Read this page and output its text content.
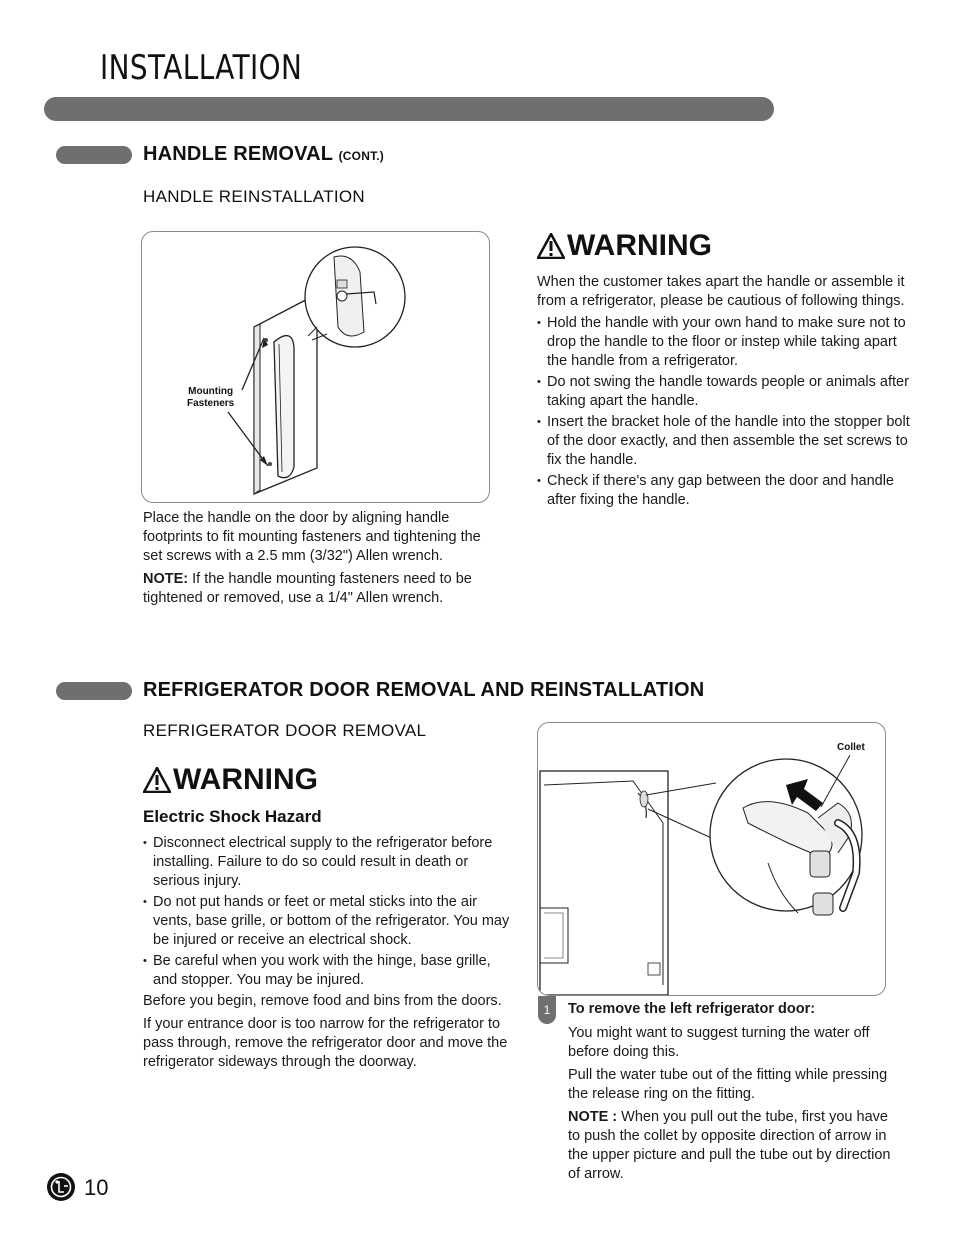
INSTALLATION
HANDLE REMOVAL (CONT.)
HANDLE REINSTALLATION
Mounting
Fasteners

Place the handle on the door by aligning handle footprints to fit mounting fasteners and tightening the set screws with a 2.5 mm (3/32") Allen wrench.

NOTE: If the handle mounting fasteners need to be tightened or removed, use a 1/4" Allen wrench.

WARNING

When the customer takes apart the handle or assemble it from a refrigerator, please be cautious of following things.

• Hold the handle with your own hand to make sure not to drop the handle to the floor or instep while taking apart the handle from a refrigerator.
• Do not swing the handle towards people or animals after taking apart the handle.
• Insert the bracket hole of the handle into the stopper bolt of the door exactly, and then assemble the set screws to fix the handle.
• Check if there's any gap between the door and handle after fixing the handle.
REFRIGERATOR DOOR REMOVAL AND REINSTALLATION
REFRIGERATOR DOOR REMOVAL
WARNING
Electric Shock Hazard
• Disconnect electrical supply to the refrigerator before installing. Failure to do so could result in death or serious injury.
• Do not put hands or feet or metal sticks into the air vents, base grille, or bottom of the refrigerator. You may be injured or receive an electrical shock.
• Be careful when you work with the hinge, base grille, and stopper. You may be injured.

Before you begin, remove food and bins from the doors.

If your entrance door is too narrow for the refrigerator to pass through, remove the refrigerator door and move the refrigerator sideways through the doorway.

Collet
1	To remove the left refrigerator door:

You might want to suggest turning the water off before doing this.

Pull the water tube out of the fitting while pressing the release ring on the fitting.

NOTE : When you pull out the tube, first you have to push the collet by opposite direction of arrow in the upper picture and pull the tube out by direction of arrow.

10
